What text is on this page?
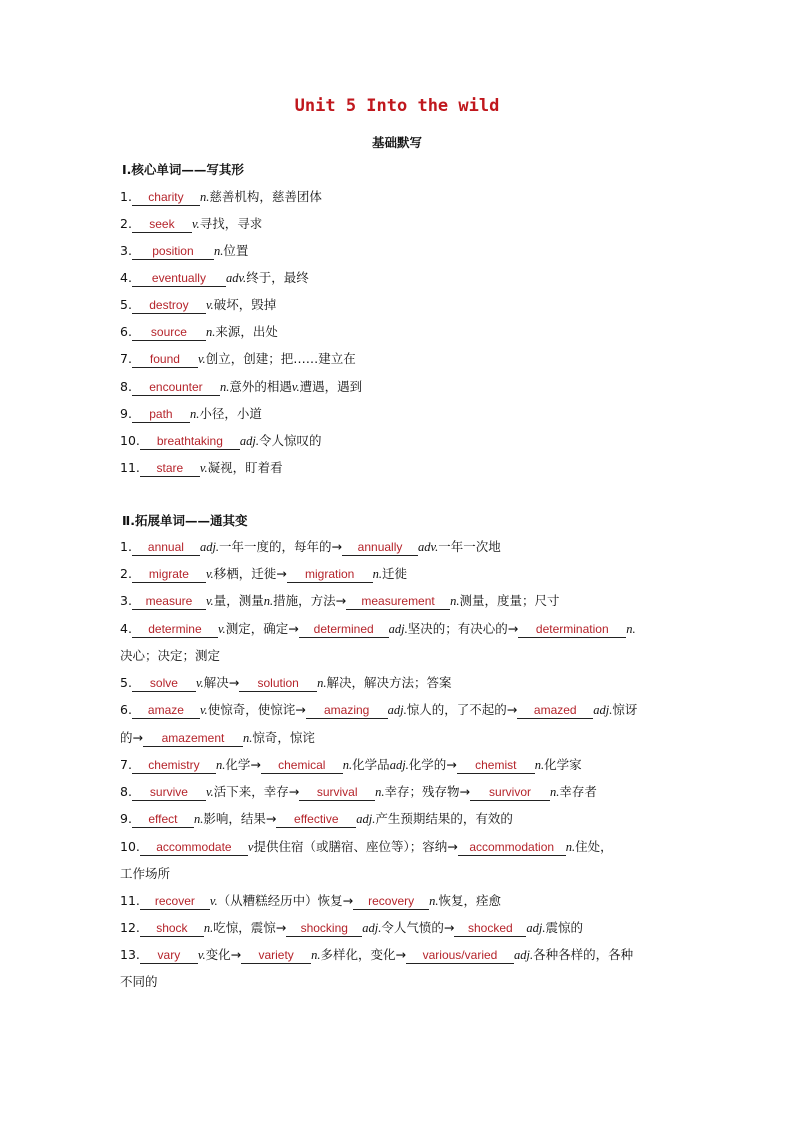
Unit 5 Into the wild
基础默写
Ⅰ.核心单词——写其形
1. charity n.慈善机构，慈善团体
2. seek v.寻找，寻求
3. position n.位置
4. eventually adv.终于，最终
5. destroy v.破坏，毁掉
6. source n.来源，出处
7. found v.创立，创建；把……建立在
8. encounter n.意外的相遇v.遭遇，遇到
9. path n.小径，小道
10. breathtaking adj.令人惊叹的
11. stare v.凝视，盯着看
Ⅱ.拓展单词——通其变
1. annual adj.一年一度的，每年的→ annually adv.一年一次地
2. migrate v.移栖，迁徙→ migration n.迁徙
3. measure v.量，测量n.措施，方法→ measurement n.测量，度量；尺寸
4. determine v.测定，确定→ determined adj.坚决的；有决心的→ determination n.
决心；决定；测定
5. solve v.解决→ solution n.解决，解决方法；答案
6. amaze v.使惊奇，使惊诧→ amazing adj.惊人的，了不起的→ amazed adj.惊讶
的→ amazement n.惊奇，惊诧
7. chemistry n.化学→ chemical n.化学品adj.化学的→ chemist n.化学家
8. survive v.活下来，幸存→ survival n.幸存；残存物→ survivor n.幸存者
9. effect n.影响，结果→ effective adj.产生预期结果的，有效的
10. accommodate v提供住宿（或膳宿、座位等）；容纳→ accommodation n.住处，
工作场所
11. recover v.（从糟糕经历中）恢复→ recovery n.恢复，痊愈
12. shock n.吃惊，震惊→ shocking adj.令人气愤的→ shocked adj.震惊的
13. vary v.变化→ variety n.多样化，变化→ various/varied adj.各种各样的，各种
不同的
